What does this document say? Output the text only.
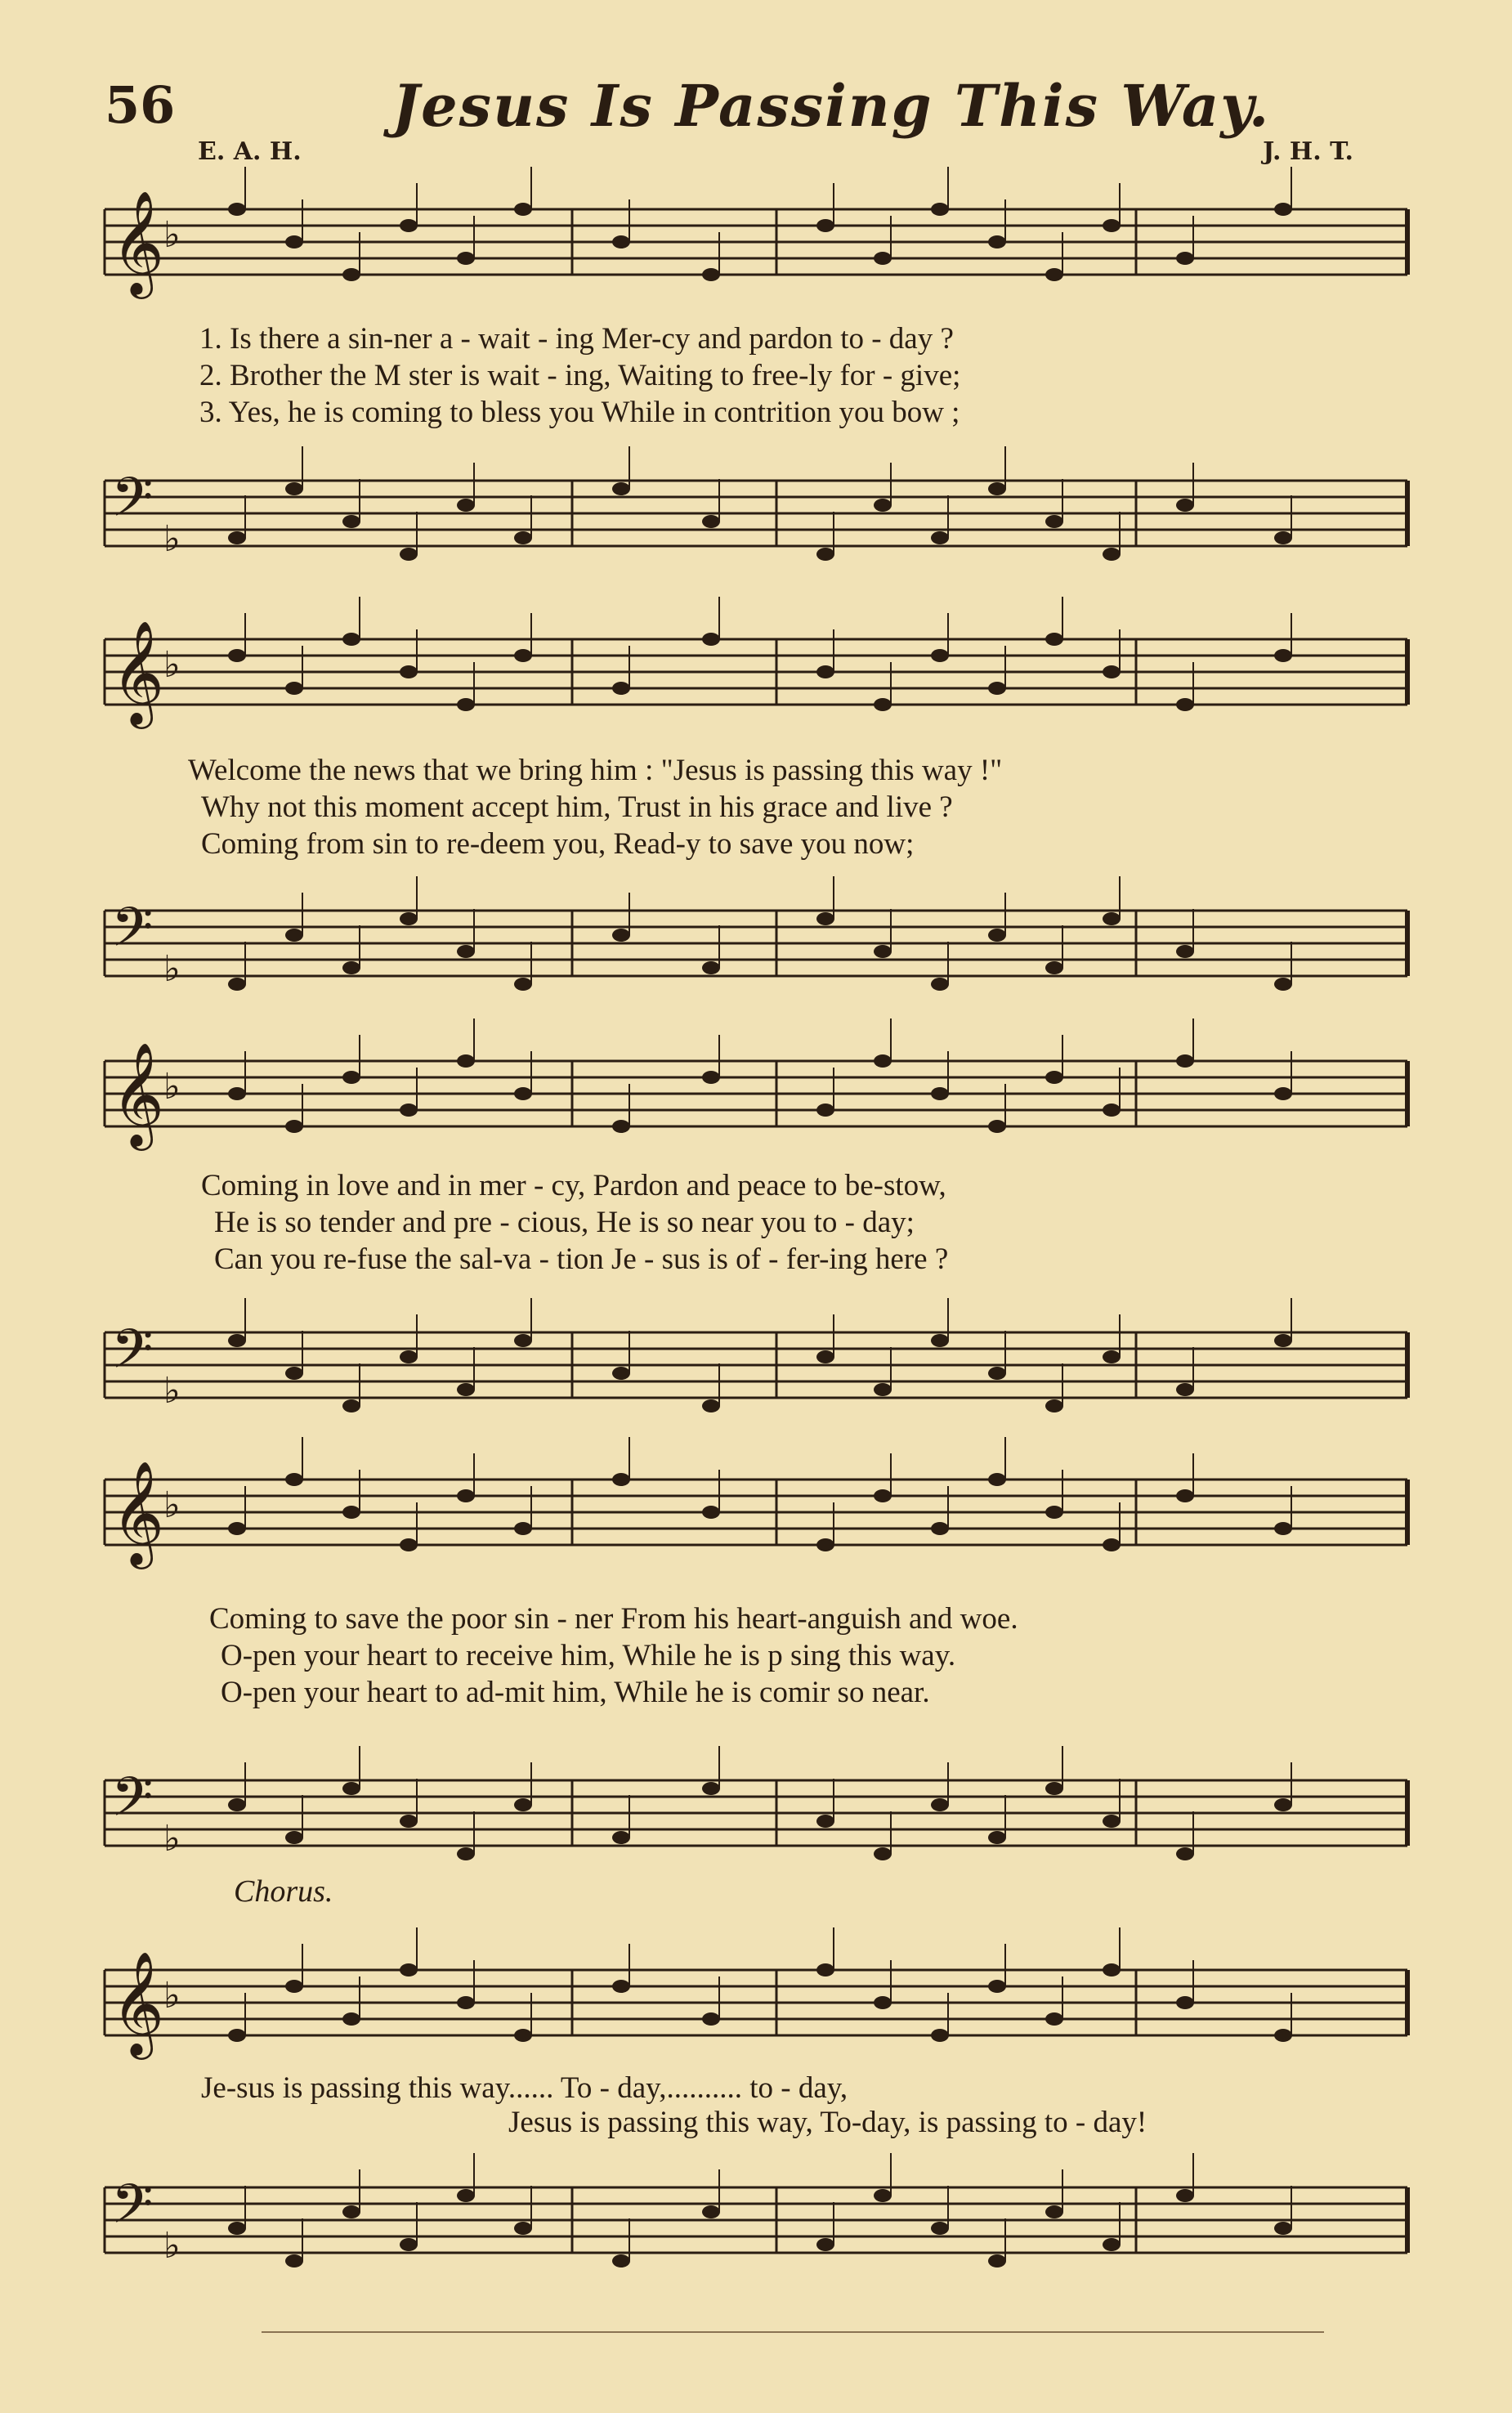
56	Jesus Is Passing This Way.
E. A. H.	J. H. T.
𝄞
♭
1. Is there a sin-ner a - wait - ing Mer-cy and pardon to - day ?
2. Brother the M ster is wait - ing, Waiting to free-ly for - give;
3. Yes, he is coming to bless you While in contrition you bow ;
𝄢 ♭
𝄞
♭
Welcome the news that we bring him : "Jesus is passing this way !"
Why not this moment accept him, Trust in his grace and live ?
Coming from sin to re-deem you, Read-y to save you now;
𝄢 ♭
𝄞
♭
Coming in love and in mer - cy, Pardon and peace to be-stow,
He is so tender and pre - cious, He is so near you to - day;
Can you re-fuse the sal-va - tion Je - sus is of - fer-ing here ?
𝄢 ♭
𝄞
♭
Coming to save the poor sin - ner From his heart-anguish and woe.
O-pen your heart to receive him, While he is p sing this way.
O-pen your heart to ad-mit him, While he is comir so near.
𝄢 ♭
Chorus.
𝄞
♭
Je-sus is passing this way...... To - day,.......... to - day,
Jesus is passing this way, To-day, is passing to - day!
𝄢 ♭
